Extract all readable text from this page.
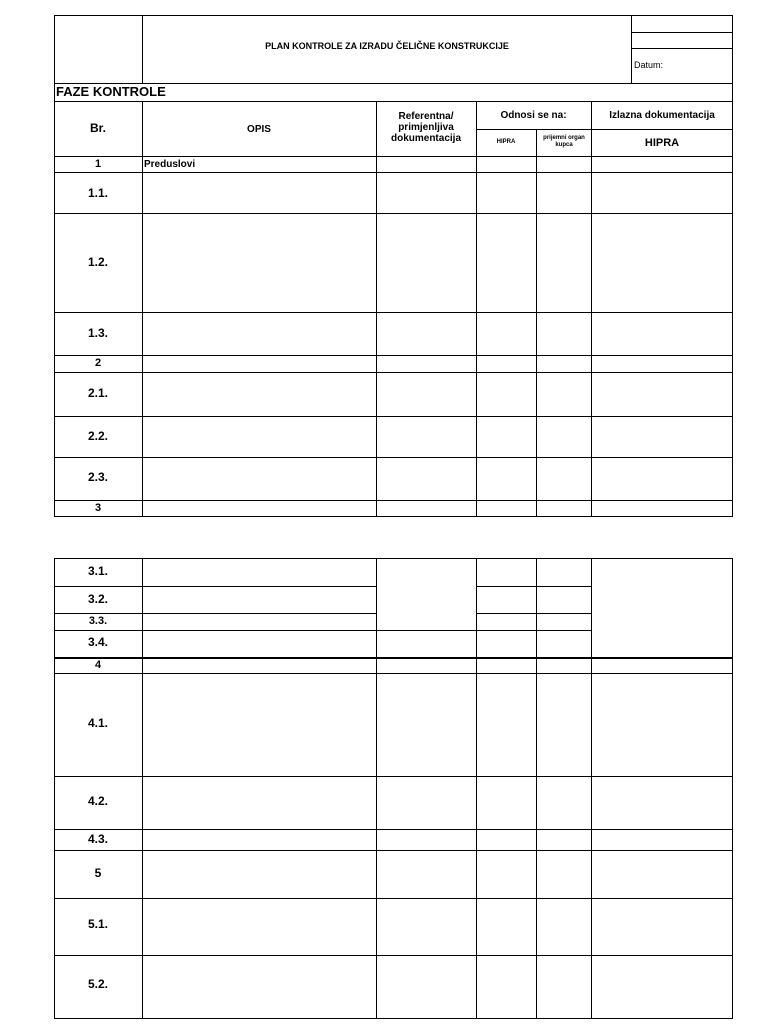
PLAN KONTROLE ZA IZRADU ČELIČNE KONSTRUKCIJE
Datum:
FAZE KONTROLE
Br.	OPIS
Referentna/ primjenljiva dokumentacija
Odnosi se na:
HIPRA
prijemni organ kupca
Izlazna dokumentacija
HIPRA
1	Preduslovi
1.1.
1.2.
1.3.
2
2.1.
2.2.
2.3.
3
3.1.
3.2.
3.3.
3.4.
4
4.1.
4.2.
4.3.
5
5.1.
5.2.
